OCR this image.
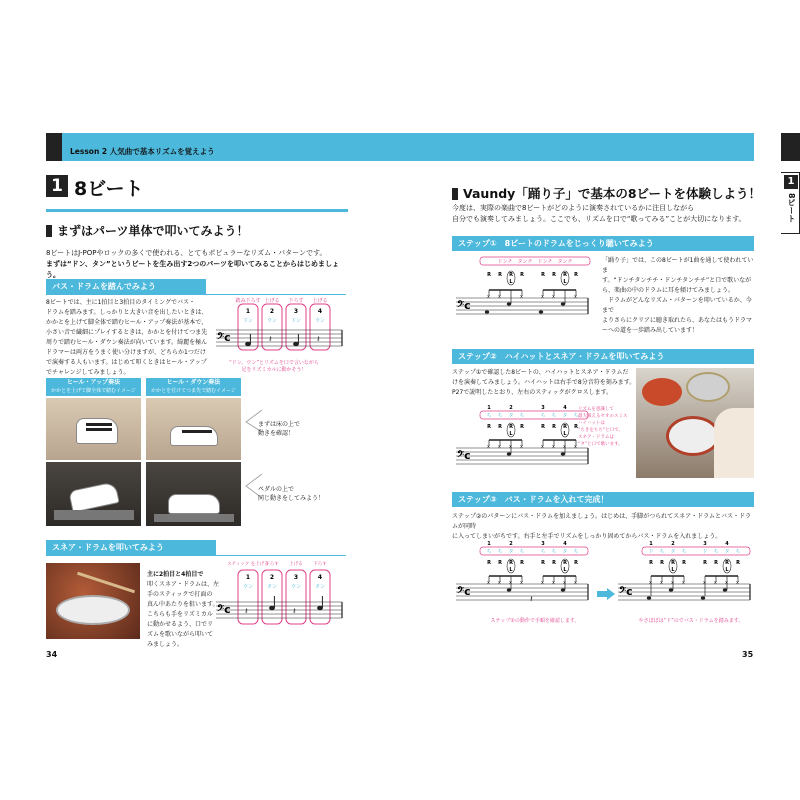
Lesson 2 人気曲で基本リズムを覚えよう
1
8ビート
1 8ビート
まずはパーツ単体で叩いてみよう！
8ビートはJ-POPやロックの多くで使われる、とてもポピュラーなリズム・パターンです。
まずは“ドン、タン”というビートを生み出す2つのパーツを叩いてみることからはじめましょう。
バス・ドラムを踏んでみよう
8ビートでは、主に1拍目と3拍目のタイミングでバス・
ドラムを踏みます。しっかりと大きい音を出したいときは、
かかとを上げて脚全体で踏むヒール・アップ奏法が基本で、
小さい音で繊細にプレイするときは、かかとを付けてつま先
周りで踏むヒール・ダウン奏法が向いています。綺麗を極ん
ドラマーは両方をうまく使い分けますが、どちらか1つだけ
で演奏する人もいます。はじめて叩くときはヒール・アップ
でチャレンジしてみましょう。
踏み下ろす 上げる 下ろす 上げる
1	2	3	4
ドン	ウン	ドン	ウン
𝄢c	𝄽	𝄽
“ドン、ウン”とリズムを口で言いながら足をリズミカルに動かそう！
ヒール・アップ奏法
かかとを上げて脚全体で踏むイメージ
ヒール・ダウン奏法
かかとを付けてつま先で踏むイメージ
まずは床の上で
動きを確認！
ペダルの上で
同じ動きをしてみよう！
スネア・ドラムを叩いてみよう
主に2拍目と4拍目で
叩くスネア・ドラムは、左
手のスティックで打面の
真ん中あたりを狙います。
こちらも手をリズミカル
に動かせるよう、口でリ
ズムを歌いながら叩いて
みましょう。
スティック を上げる
下ろす 上げる 下ろす
1	2	3	4
ウン	タン	ウン	タン
𝄢c 𝄽	𝄽
34
Vaundy「踊り子」で基本の8ビートを体験しよう！
今度は、実際の楽曲で8ビートがどのように演奏されているかに注目しながら
自分でも演奏してみましょう。ここでも、リズムを口で“歌ってみる”ことが大切になります。
ステップ①　8ビートのドラムをじっくり聴いてみよう
ドンチ　タンチ　ドンチ　タンチ
R R R R	R R R R
L	L
𝄢c
x x	x	x x	x
「踊り子」では、この8ビートが1曲を通して使われていま
す。“ドンチタンチチ・ドンチタンチチ”と口で歌いなが
ら、楽曲の中のドラムに耳を傾けてみましょう。
　ドラムがどんなリズム・パターンを叩いているか、今まで
よりさらにクリアに聴き取れたら、あなたはもうドラマ
ーへの道を一歩踏み出しています！
ステップ②　ハイハットとスネア・ドラムを叩いてみよう
ステップ①で確認した8ビートの、ハイハットとスネア・ドラムだ
けを演奏してみましょう。ハイハットは右手で8分音符を刻みます。
P27で説明したとおり、左右のスティックがクロスします。
1	2	3	4
ち ち タ ち	ち ち タ ち
R R R R	R R R R
L	L
𝄢c
x x x x	x x x x
リズムを意識して
最大限えるセオのスミス
ハイハットは
“ちきをちち”と口で、
スネア・ドラムは
“タ”と口で歌います。
ステップ③　バス・ドラムを入れて完成！
ステップ②のパターンにバス・ドラムを加えましょう。はじめは、手脚がつられてスネア・ドラムとバス・ドラムが同時
に入ってしまいがちです。右手と左手でリズムをしっかり固めてからバス・ドラムを入れましょう。
1	2	3	4
ち ち タ ち	ち ち タ ち
R R R R	R R R R
L	L
𝄢c
x x x x	x x x x
𝄽
1	2	3	4
ド ち タ ち	ド ち タ ち
R R R R	R R R R
L	L
𝄢c
x x x x	x x x x
ステップ②の動作で手順を確認します。	やさぽぼは“ド”のでバス・ドラムを踏みます。
35
